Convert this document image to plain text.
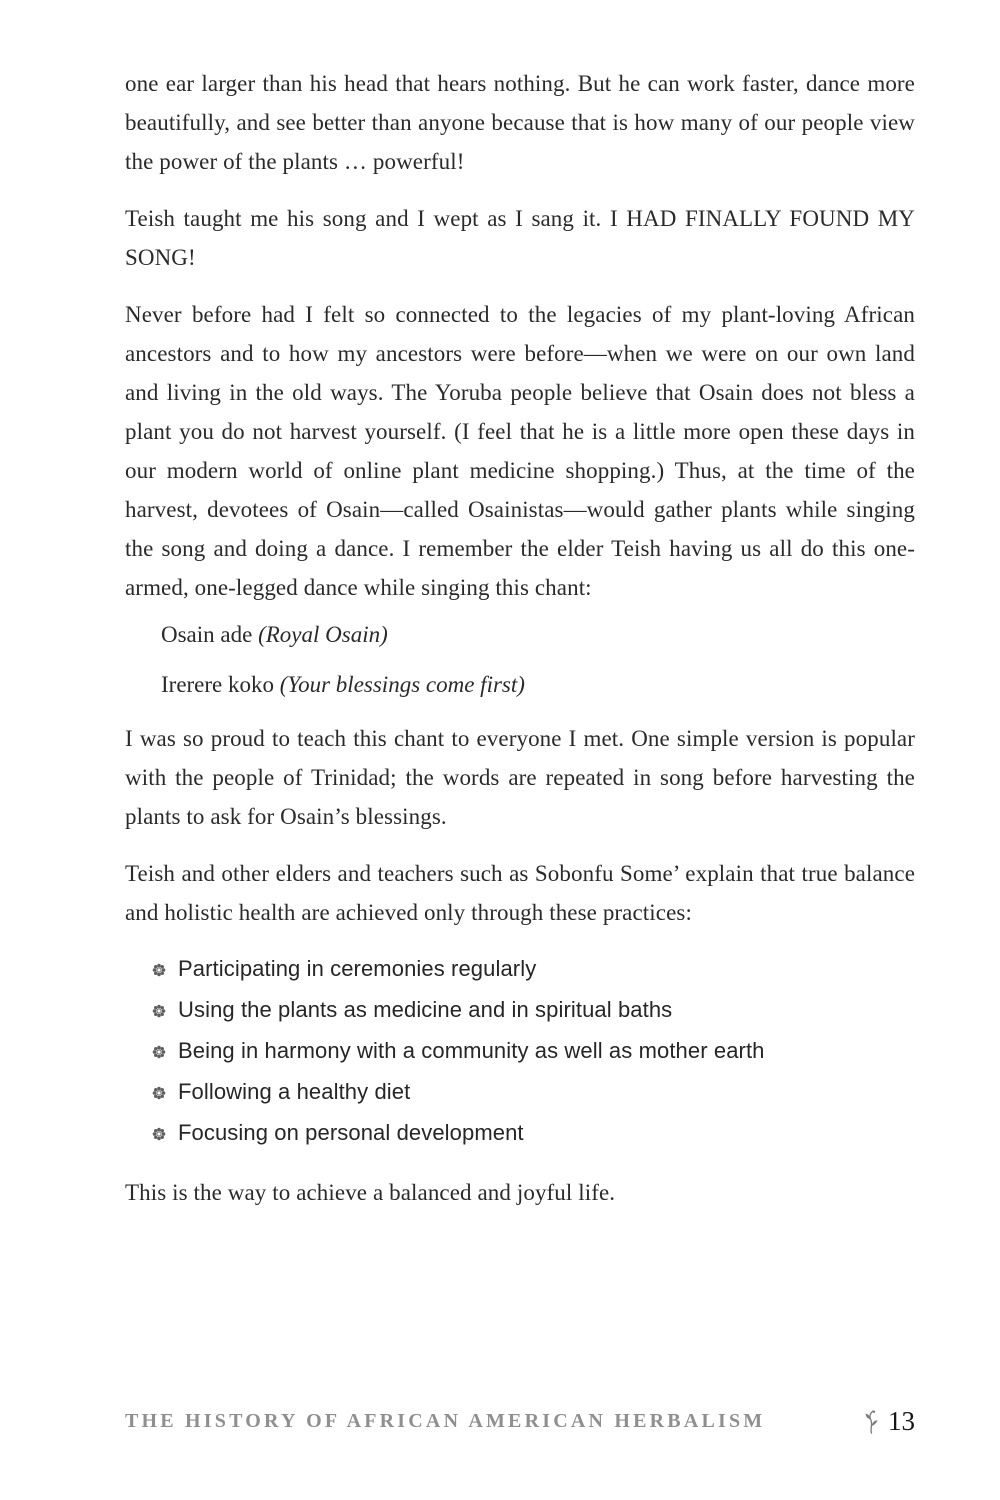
one ear larger than his head that hears nothing. But he can work faster, dance more beautifully, and see better than anyone because that is how many of our people view the power of the plants … powerful!

Teish taught me his song and I wept as I sang it. I HAD FINALLY FOUND MY SONG!

Never before had I felt so connected to the legacies of my plant-loving African ancestors and to how my ancestors were before—when we were on our own land and living in the old ways. The Yoruba people believe that Osain does not bless a plant you do not harvest yourself. (I feel that he is a little more open these days in our modern world of online plant medicine shopping.) Thus, at the time of the harvest, devotees of Osain—called Osainistas—would gather plants while singing the song and doing a dance. I remember the elder Teish having us all do this one-armed, one-legged dance while singing this chant:

Osain ade (Royal Osain)

Irerere koko (Your blessings come first)

I was so proud to teach this chant to everyone I met. One simple version is popular with the people of Trinidad; the words are repeated in song before harvesting the plants to ask for Osain’s blessings.

Teish and other elders and teachers such as Sobonfu Some’ explain that true balance and holistic health are achieved only through these practices:

Participating in ceremonies regularly
Using the plants as medicine and in spiritual baths
Being in harmony with a community as well as mother earth
Following a healthy diet
Focusing on personal development

This is the way to achieve a balanced and joyful life.

THE HISTORY OF AFRICAN AMERICAN HERBALISM	13
